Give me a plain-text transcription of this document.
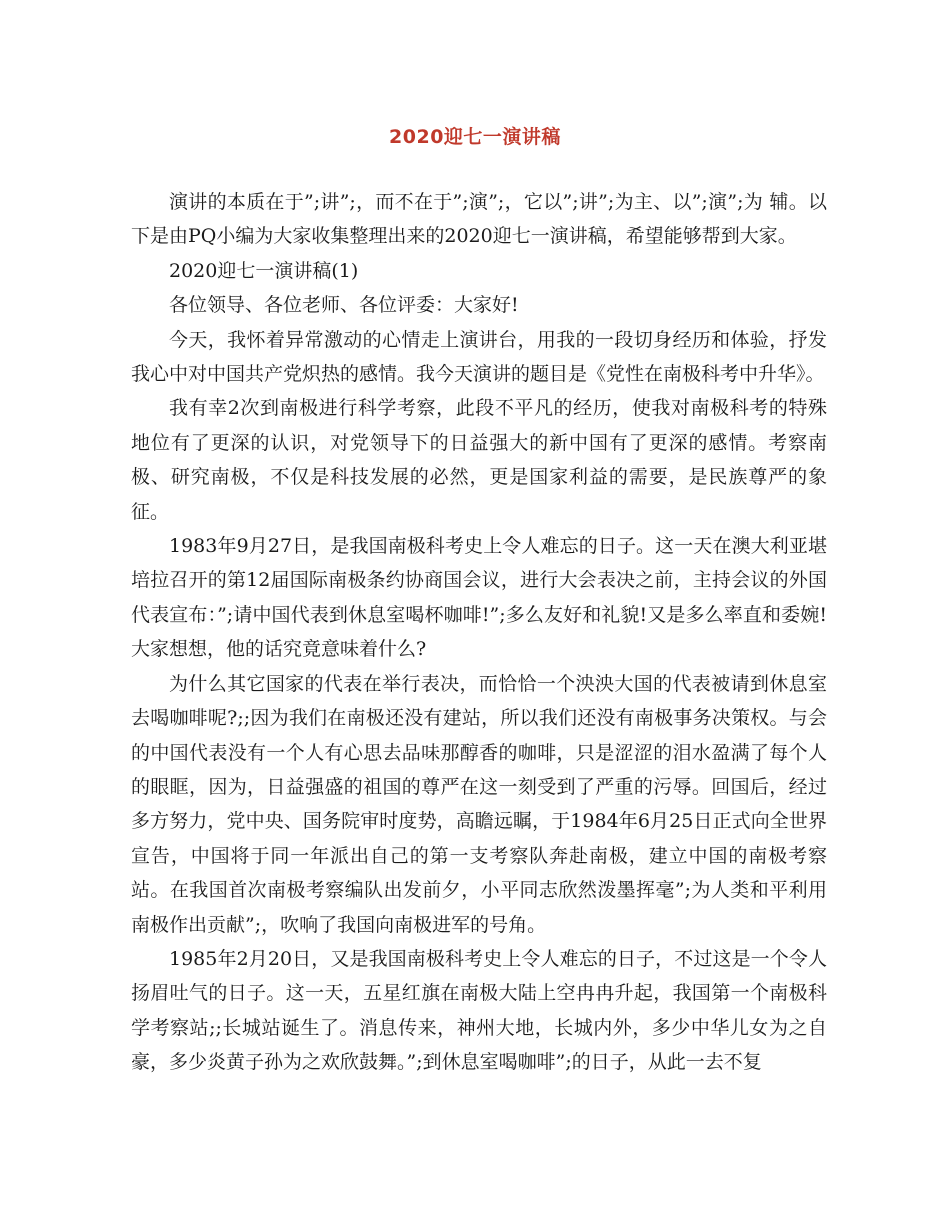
2020迎七一演讲稿

演讲的本质在于”;讲”;，而不在于”;演”;，它以”;讲”;为主、以”;演”;为 辅。以下是由PQ小编为大家收集整理出来的2020迎七一演讲稿，希望能够帮到大家。

2020迎七一演讲稿(1)

各位领导、各位老师、各位评委：大家好!

今天，我怀着异常激动的心情走上演讲台，用我的一段切身经历和体验，抒发我心中对中国共产党炽热的感情。我今天演讲的题目是《党性在南极科考中升华》。

我有幸2次到南极进行科学考察，此段不平凡的经历，使我对南极科考的特殊地位有了更深的认识，对党领导下的日益强大的新中国有了更深的感情。考察南极、研究南极，不仅是科技发展的必然，更是国家利益的需要，是民族尊严的象征。

1983年9月27日，是我国南极科考史上令人难忘的日子。这一天在澳大利亚堪培拉召开的第12届国际南极条约协商国会议，进行大会表决之前，主持会议的外国代表宣布：”;请中国代表到休息室喝杯咖啡!”;多么友好和礼貌!又是多么率直和委婉!大家想想，他的话究竟意味着什么?

为什么其它国家的代表在举行表决，而恰恰一个泱泱大国的代表被请到休息室去喝咖啡呢?;;因为我们在南极还没有建站，所以我们还没有南极事务决策权。与会的中国代表没有一个人有心思去品味那醇香的咖啡，只是涩涩的泪水盈满了每个人的眼眶，因为，日益强盛的祖国的尊严在这一刻受到了严重的污辱。回国后，经过多方努力，党中央、国务院审时度势，高瞻远瞩，于1984年6月25日正式向全世界宣告，中国将于同一年派出自己的第一支考察队奔赴南极，建立中国的南极考察站。在我国首次南极考察编队出发前夕，小平同志欣然泼墨挥毫”;为人类和平利用南极作出贡献”;，吹响了我国向南极进军的号角。

1985年2月20日，又是我国南极科考史上令人难忘的日子，不过这是一个令人扬眉吐气的日子。这一天，五星红旗在南极大陆上空冉冉升起，我国第一个南极科学考察站;;长城站诞生了。消息传来，神州大地，长城内外，多少中华儿女为之自豪，多少炎黄子孙为之欢欣鼓舞。”;到休息室喝咖啡”;的日子，从此一去不复
